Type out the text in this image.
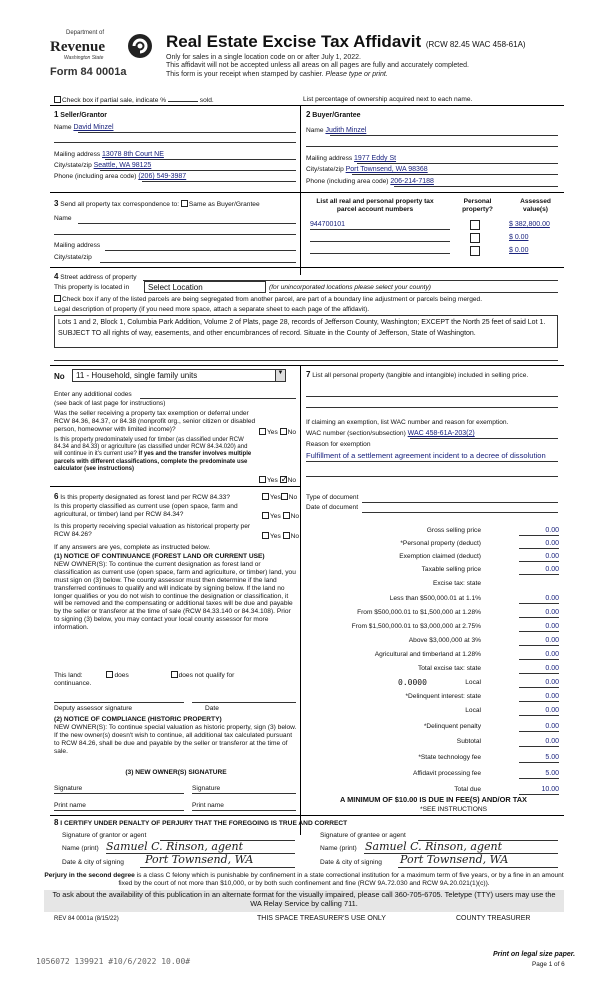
Department of
Revenue
Washington State
Form 84 0001a
Real Estate Excise Tax Affidavit (RCW 82.45 WAC 458-61A)
Only for sales in a single location code on or after July 1, 2022.
This affidavit will not be accepted unless all areas on all pages are fully and accurately completed.
This form is your receipt when stamped by cashier. Please type or print.
Check box if partial sale, indicate %	sold.	List percentage of ownership acquired next to each name.
1 Seller/Grantor
Name David Minzel
Mailing address 13078 8th Court NE
City/state/zip Seattle, WA 98125
Phone (including area code) (206) 549-3987
2 Buyer/Grantee
Name Judith Minzel
Mailing address 1977 Eddy St
City/state/zip Port Townsend, WA 98368
Phone (including area code) 206-214-7188
3 Send all property tax correspondence to: Same as Buyer/Grantee
Name
Mailing address
City/state/zip
List all real and personal property tax parcel account numbers
Personal property?
Assessed value(s)
944700101	$ 382,800.00
$ 0.00
$ 0.00
4 Street address of property
This property is located in	Select Location	(for unincorporated locations please select your county)
Check box if any of the listed parcels are being segregated from another parcel, are part of a boundary line adjustment or parcels being merged.
Legal description of property (if you need more space, attach a separate sheet to each page of the affidavit).
Lots 1 and 2, Block 1, Columbia Park Addition, Volume 2 of Plats, page 28, records of Jefferson County, Washington; EXCEPT the North 25 feet of said Lot 1. SUBJECT TO all rights of way, easements, and other encumbrances of record. Situate in the County of Jefferson, State of Washington.
No	11 - Household, single family units	▼
Enter any additional codes
(see back of last page for instructions)
Was the seller receiving a property tax exemption or deferral under RCW 84.36, 84.37, or 84.38 (nonprofit org., senior citizen or disabled person, homeowner with limited income)?	Yes No
Is this property predominately used for timber (as classified under RCW 84.34 and 84.33) or agriculture (as classified under RCW 84.34.020) and will continue in it's current use? If yes and the transfer involves multiple parcels with different classifications, complete the predominate use calculator (see instructions)
Yes ✓ No
6 Is this property designated as forest land per RCW 84.33?	Yes No
Is this property classified as current use (open space, farm and agricultural, or timber) land per RCW 84.34?	Yes No
Is this property receiving special valuation as historical property per RCW 84.26?	Yes No
If any answers are yes, complete as instructed below.
(1) NOTICE OF CONTINUANCE (FOREST LAND OR CURRENT USE)
NEW OWNER(S): To continue the current designation as forest land or classification as current use (open space, farm and agriculture, or timber) land, you must sign on (3) below. The county assessor must then determine if the land transferred continues to qualify and will indicate by signing below. If the land no longer qualifies or you do not wish to continue the designation or classification, it will be removed and the compensating or additional taxes will be due and payable by the seller or transferor at the time of sale (RCW 84.33.140 or 84.34.108). Prior to signing (3) below, you may contact your local county assessor for more information.
This land:	does	does not qualify for
continuance.
Deputy assessor signature	Date
(2) NOTICE OF COMPLIANCE (HISTORIC PROPERTY)
NEW OWNER(S): To continue special valuation as historic property, sign (3) below. If the new owner(s) doesn't wish to continue, all additional tax calculated pursuant to RCW 84.26, shall be due and payable by the seller or transferor at the time of sale.
(3) NEW OWNER(S) SIGNATURE
Signature	Signature
Print name	Print name
7 List all personal property (tangible and intangible) included in selling price.
If claiming an exemption, list WAC number and reason for exemption.
WAC number (section/subsection) WAC 458-61A-203(2)
Reason for exemption
Fulfillment of a settlement agreement incident to a decree of dissolution
Type of document
Date of document
Gross selling price	0.00
*Personal property (deduct)	0.00
Exemption claimed (deduct)	0.00
Taxable selling price	0.00
Excise tax: state
Less than $500,000.01 at 1.1%	0.00
From $500,000.01 to $1,500,000 at 1.28%	0.00
From $1,500,000.01 to $3,000,000 at 2.75%	0.00
Above $3,000,000 at 3%	0.00
Agricultural and timberland at 1.28%	0.00
Total excise tax: state	0.00
0.0000	Local	0.00
*Delinquent interest: state	0.00
Local	0.00
*Delinquent penalty	0.00
Subtotal	0.00
*State technology fee	5.00
Affidavit processing fee	5.00
Total due	10.00
A MINIMUM OF $10.00 IS DUE IN FEE(S) AND/OR TAX
*SEE INSTRUCTIONS
8 I CERTIFY UNDER PENALTY OF PERJURY THAT THE FOREGOING IS TRUE AND CORRECT
Signature of grantor or agent
Name (print) Samuel C. Rinson, agent
Date & city of signing Port Townsend, WA
Signature of grantee or agent
Name (print) Samuel C. Rinson, agent
Date & city of signing Port Townsend, WA
Perjury in the second degree is a class C felony which is punishable by confinement in a state correctional institution for a maximum term of five years, or by a fine in an amount fixed by the court of not more than $10,000, or by both such confinement and fine (RCW 9A.72.030 and RCW 9A.20.021(1)(c)).
To ask about the availability of this publication in an alternate format for the visually impaired, please call 360-705-6705. Teletype (TTY) users may use the WA Relay Service by calling 711.
REV 84 0001a (8/15/22)	THIS SPACE TREASURER'S USE ONLY	COUNTY TREASURER
1056072 139921 #10/6/2022 10.00#
Print on legal size paper.
Page 1 of 6
